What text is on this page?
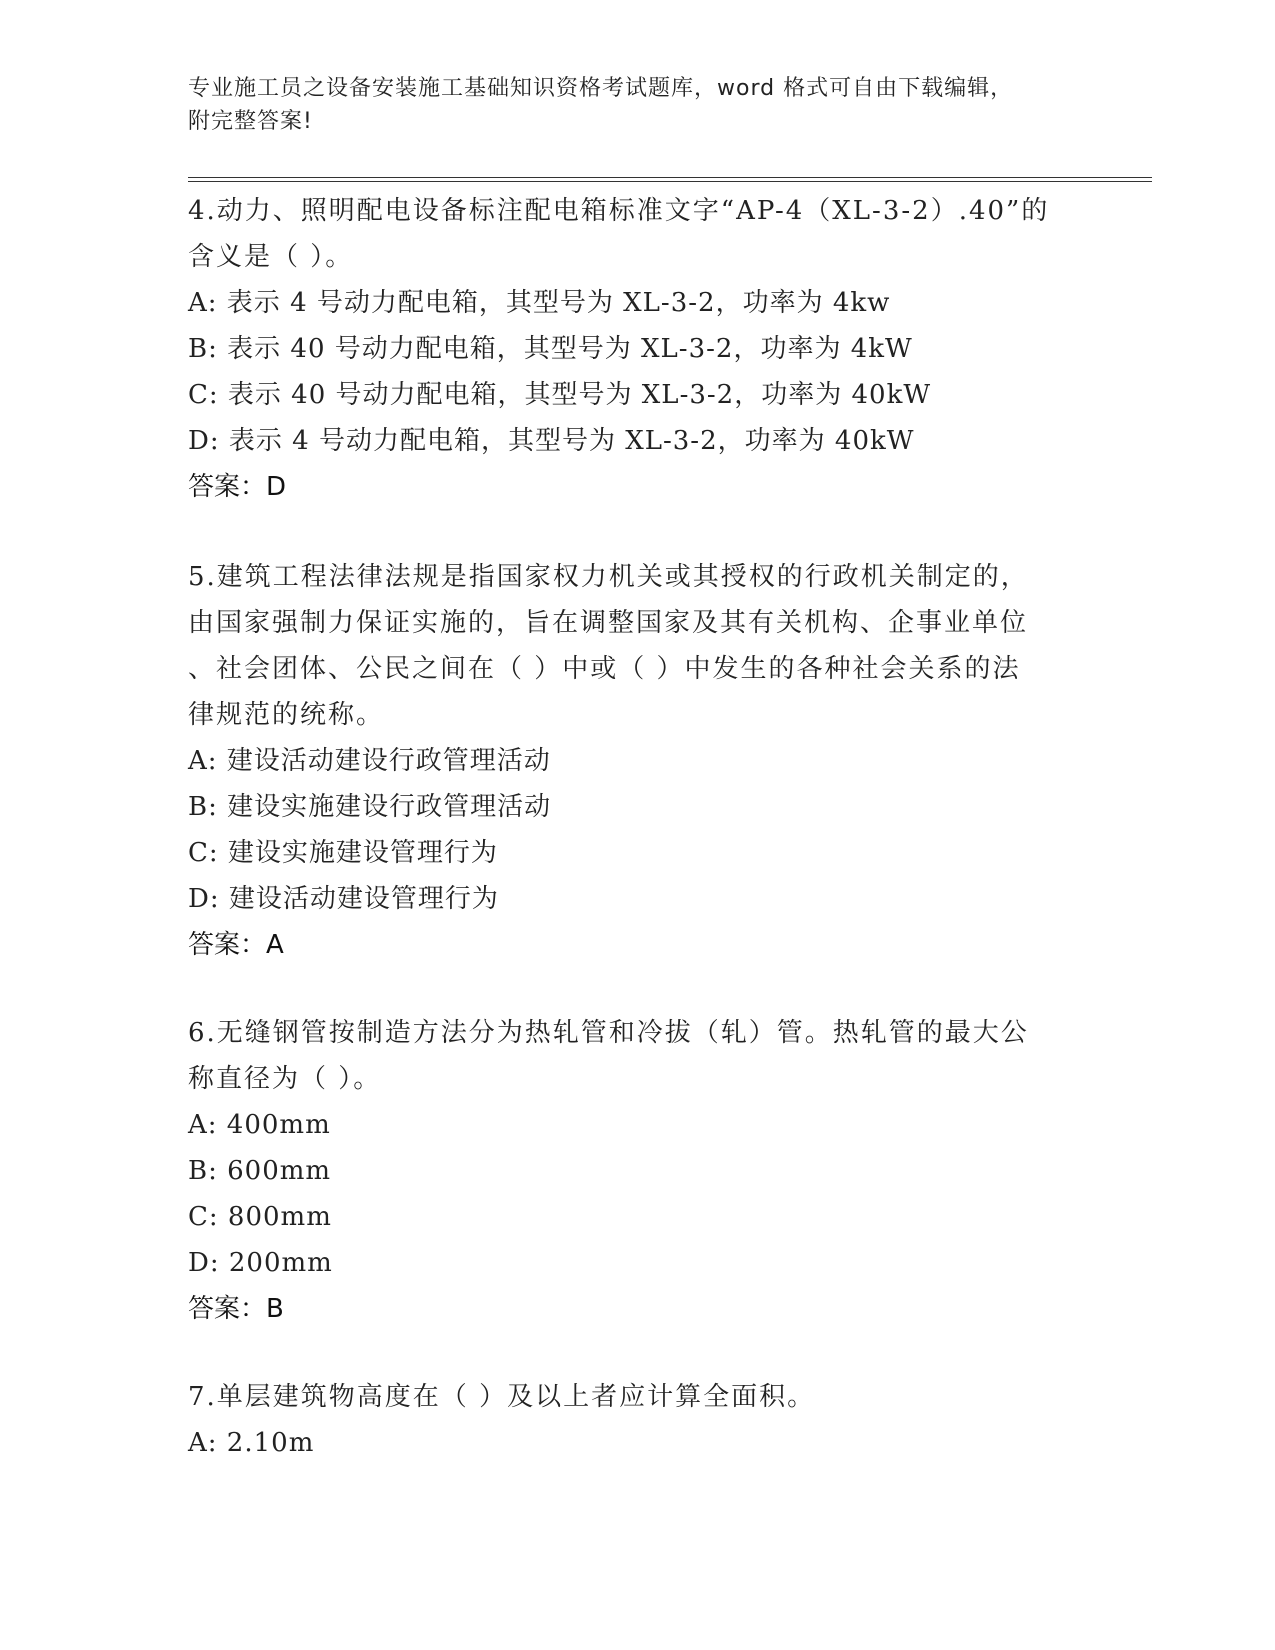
专业施工员之设备安装施工基础知识资格考试题库，word 格式可自由下载编辑，
附完整答案!
4.动力、照明配电设备标注配电箱标准文字“AP-4（XL-3-2）.40”的
含义是（ ）。
A: 表示 4 号动力配电箱，其型号为 XL-3-2，功率为 4kw
B: 表示 40 号动力配电箱，其型号为 XL-3-2，功率为 4kW
C: 表示 40 号动力配电箱，其型号为 XL-3-2，功率为 40kW
D: 表示 4 号动力配电箱，其型号为 XL-3-2，功率为 40kW
答案：D
5.建筑工程法律法规是指国家权力机关或其授权的行政机关制定的，
由国家强制力保证实施的，旨在调整国家及其有关机构、企事业单位
、社会团体、公民之间在（ ）中或（ ）中发生的各种社会关系的法
律规范的统称。
A: 建设活动建设行政管理活动
B: 建设实施建设行政管理活动
C: 建设实施建设管理行为
D: 建设活动建设管理行为
答案：A
6.无缝钢管按制造方法分为热轧管和冷拔（轧）管。热轧管的最大公
称直径为（ ）。
A: 400mm
B: 600mm
C: 800mm
D: 200mm
答案：B
7.单层建筑物高度在（ ）及以上者应计算全面积。
A: 2.10m
